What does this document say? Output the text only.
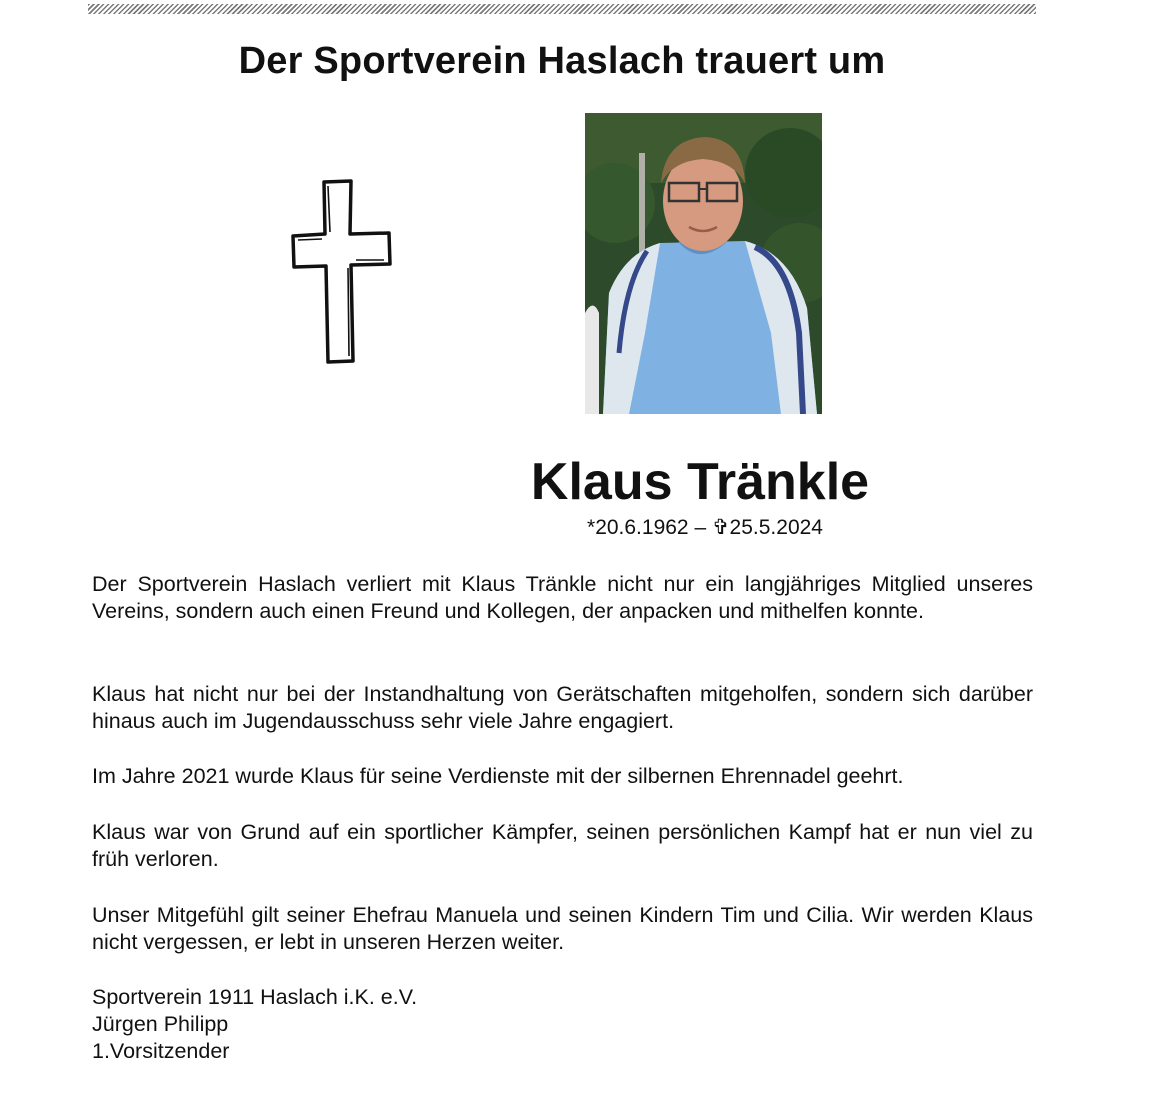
Der Sportverein Haslach trauert um
Klaus Tränkle
*20.6.1962 – ✞25.5.2024

Der Sportverein Haslach verliert mit Klaus Tränkle nicht nur ein langjähriges Mitglied unseres Vereins, sondern auch einen Freund und Kollegen, der anpacken und mithelfen konnte.

Klaus hat nicht nur bei der Instandhaltung von Gerätschaften mitgeholfen, sondern sich darüber hinaus auch im Jugendausschuss sehr viele Jahre engagiert.

Im Jahre 2021 wurde Klaus für seine Verdienste mit der silbernen Ehrennadel geehrt.

Klaus war von Grund auf ein sportlicher Kämpfer, seinen persönlichen Kampf hat er nun viel zu früh verloren.

Unser Mitgefühl gilt seiner Ehefrau Manuela und seinen Kindern Tim und Cilia. Wir werden Klaus nicht vergessen, er lebt in unseren Herzen weiter.

Sportverein 1911 Haslach i.K. e.V.
Jürgen Philipp
1.Vorsitzender
